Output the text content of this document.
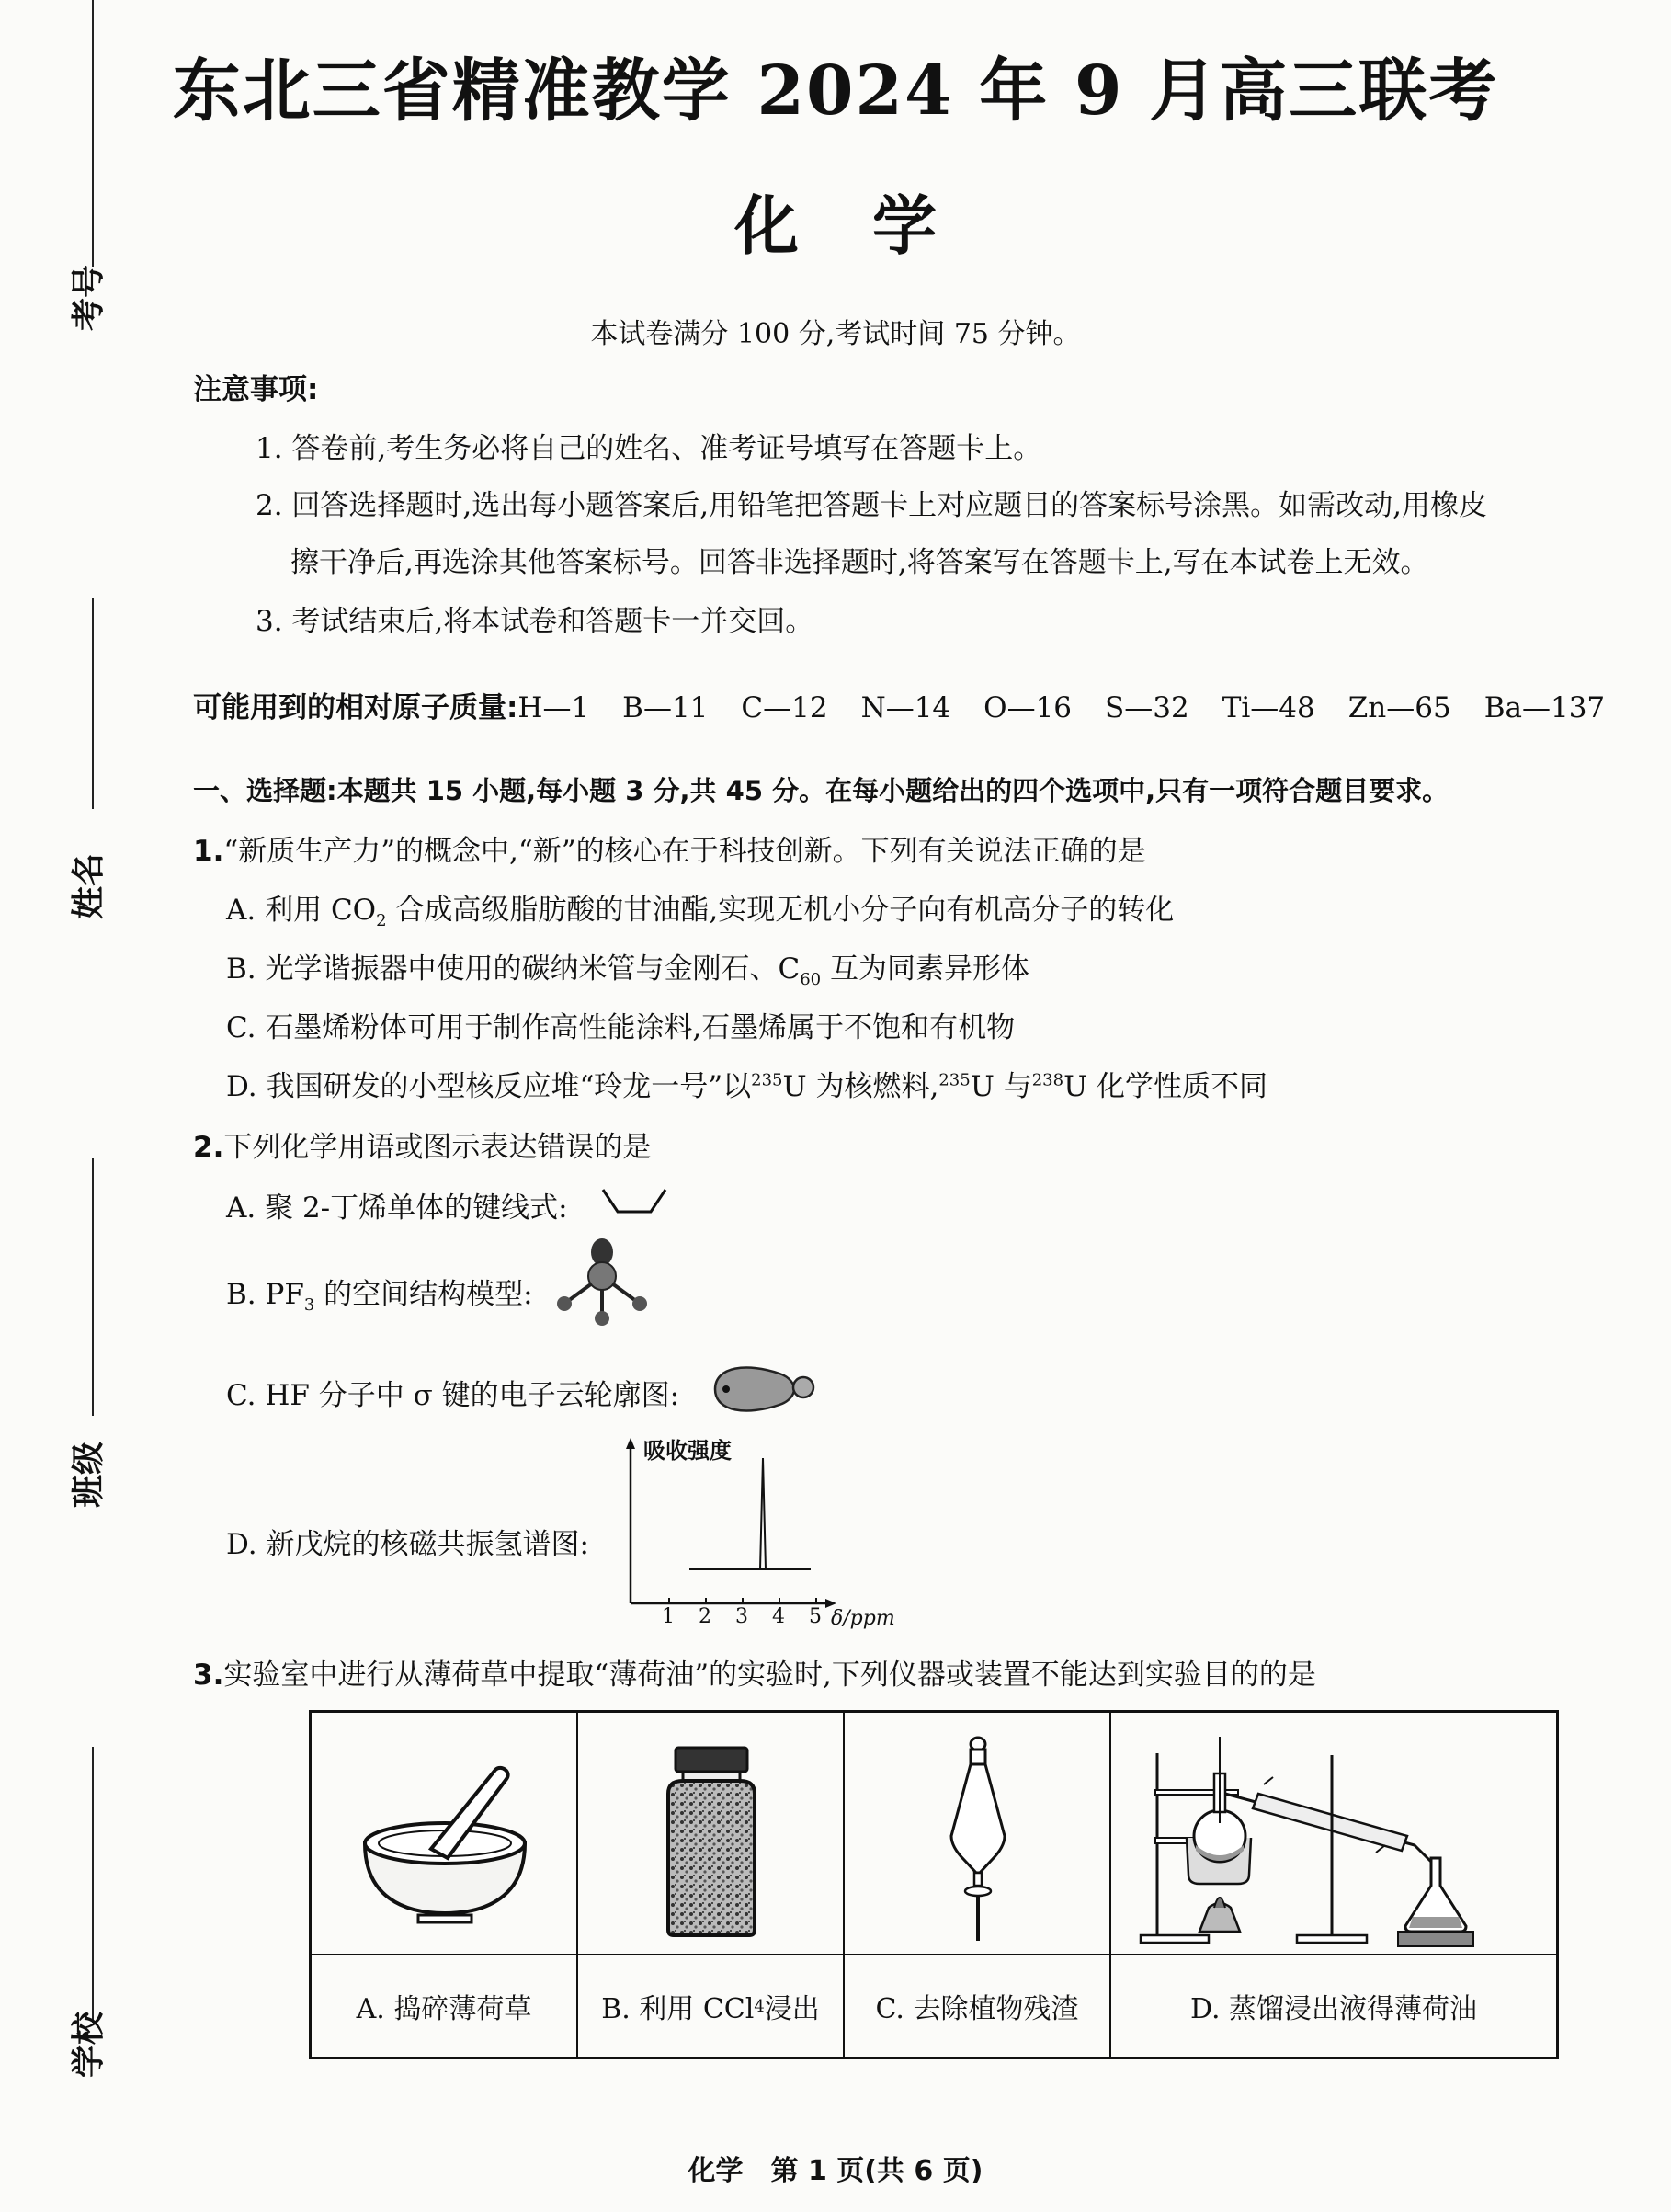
考号
姓名
班级
学校
东北三省精准教学 2024 年 9 月高三联考
化学
本试卷满分 100 分,考试时间 75 分钟。
注意事项:
1. 答卷前,考生务必将自己的姓名、准考证号填写在答题卡上。
2. 回答选择题时,选出每小题答案后,用铅笔把答题卡上对应题目的答案标号涂黑。如需改动,用橡皮
擦干净后,再选涂其他答案标号。回答非选择题时,将答案写在答题卡上,写在本试卷上无效。
3. 考试结束后,将本试卷和答题卡一并交回。
可能用到的相对原子质量:H—1 B—11 C—12 N—14 O—16 S—32 Ti—48 Zn—65 Ba—137
一、选择题:本题共 15 小题,每小题 3 分,共 45 分。在每小题给出的四个选项中,只有一项符合题目要求。
1.“新质生产力”的概念中,“新”的核心在于科技创新。下列有关说法正确的是
A. 利用 $CO_2$ 合成高级脂肪酸的甘油酯,实现无机小分子向有机高分子的转化
B. 光学谐振器中使用的碳纳米管与金刚石、$C_{60}$ 互为同素异形体
C. 石墨烯粉体可用于制作高性能涂料,石墨烯属于不饱和有机物
D. 我国研发的小型核反应堆“玲龙一号”以$^{235}$U 为核燃料,$^{235}$U 与$^{238}$U 化学性质不同
2.下列化学用语或图示表达错误的是
A. 聚 2-丁烯单体的键线式:
B. $PF_3$ 的空间结构模型:
C. HF 分子中 σ 键的电子云轮廓图:
D. 新戊烷的核磁共振氢谱图:
吸收强度
1 2 3 4 5 δ/ppm
3.实验室中进行从薄荷草中提取“薄荷油”的实验时,下列仪器或装置不能达到实验目的的是
A. 捣碎薄荷草	B. 利用 CCl 4 浸出	C. 去除植物残渣	D. 蒸馏浸出液得薄荷油
化学　第 1 页(共 6 页)
